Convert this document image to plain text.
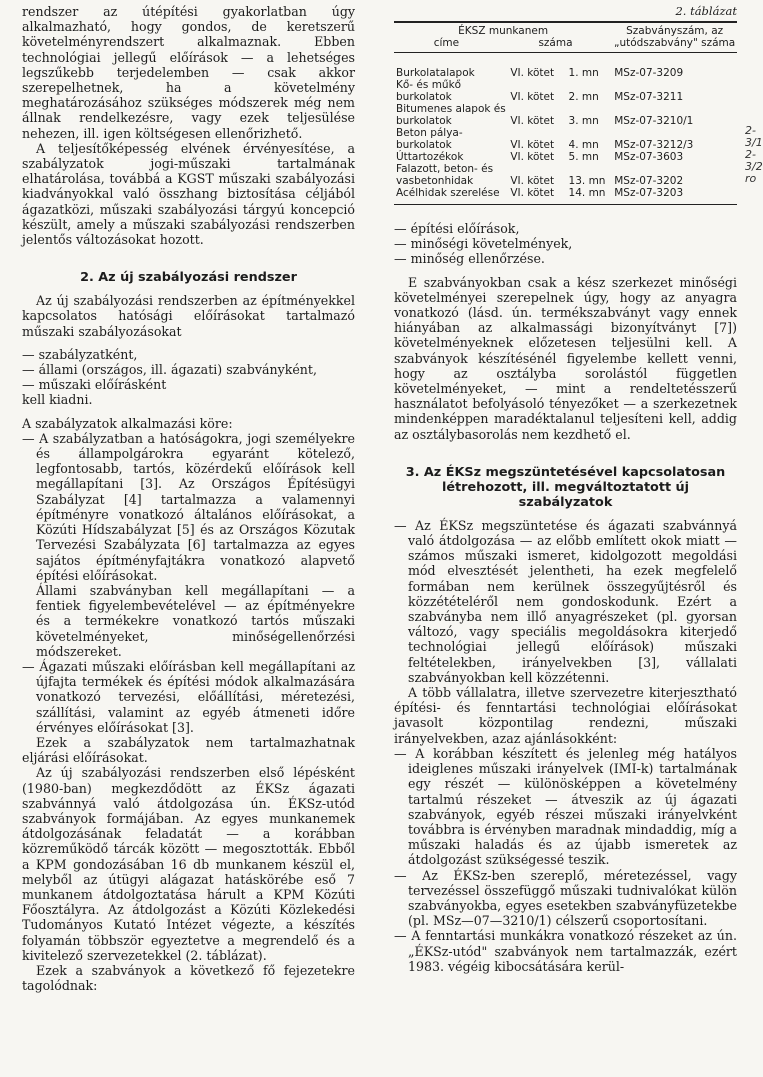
rendszer az útépítési gyakorlatban úgy alkalmazható, hogy gondos, de keretszerű követelményrendszert alkalmaznak. Ebben technológiai jellegű előírások — a lehetséges legszűkebb terjedelemben — csak akkor szerepelhetnek, ha a követelmény meghatározásához szükséges módszerek még nem állnak rendelkezésre, vagy ezek teljesülése nehezen, ill. igen költségesen ellenőrizhető.

A teljesítőképesség elvének érvényesítése, a szabályzatok jogi-műszaki tartalmának elhatárolása, továbbá a KGST műszaki szabályozási kiadványokkal való összhang biztosítása céljából ágazatközi, műszaki szabályozási tárgyú koncepció készült, amely a műszaki szabályozási rendszerben jelentős változásokat hozott.

2. Az új szabályozási rendszer

Az új szabályozási rendszerben az építményekkel kapcsolatos hatósági előírásokat tartalmazó műszaki szabályozásokat

— szabályzatként,
— állami (országos, ill. ágazati) szabványként,
— műszaki előírásként

kell kiadni.

A szabályzatok alkalmazási köre:

— A szabályzatban a hatóságokra, jogi személyekre és állampolgárokra egyaránt kötelező, legfontosabb, tartós, közérdekű előírások kell megállapítani [3]. Az Országos Építésügyi Szabályzat [4] tartalmazza a valamennyi építményre vonatkozó általános előírásokat, a Közúti Hídszabályzat [5] és az Országos Közutak Tervezési Szabályzata [6] tartalmazza az egyes sajátos építményfajtákra vonatkozó alapvető építési előírásokat.

Állami szabványban kell megállapítani — a fentiek figyelembevételével — az építményekre és a termékekre vonatkozó tartós műszaki követelményeket, minőségellenőrzési módszereket.

— Ágazati műszaki előírásban kell megállapítani az újfajta termékek és építési módok alkalmazására vonatkozó tervezési, előállítási, méretezési, szállítási, valamint az egyéb átmeneti időre érvényes előírásokat [3].

Ezek a szabályzatok nem tartalmazhatnak eljárási előírásokat.

Az új szabályozási rendszerben első lépésként (1980-ban) megkezdődött az ÉKSz ágazati szabvánnyá való átdolgozása ún. ÉKSz-utód szabványok formájában. Az egyes munkanemek átdolgozásának feladatát — a korábban közreműködő tárcák között — megosztották. Ebből a KPM gondozásában 16 db munkanem készül el, melyből az útügyi alágazat hatáskörébe eső 7 munkanem átdolgoztatása hárult a KPM Közúti Főosztályra. Az átdolgozást a Közúti Közlekedési Tudományos Kutató Intézet végezte, a készítés folyamán többször egyeztetve a megrendelő és a kivitelező szervezetekkel (2. táblázat).

Ezek a szabványok a következő fő fejezetekre tagolódnak:

2. táblázat
ÉKSZ munkanem
címe száma			Szabványszám, az „utódszabvány" száma
Burkolatalapok	VI. kötet	1. mn	MSz-07-3209
Kő- és műkő burkolatok	VI. kötet	2. mn	MSz-07-3211
Bitumenes alapok és burkolatok	VI. kötet	3. mn	MSz-07-3210/1
Beton pálya-burkolatok	VI. kötet	4. mn	MSz-07-3212/3
Úttartozékok	VI. kötet	5. mn	MSz-07-3603
Falazott, beton- és vasbetonhidak	VI. kötet	13. mn	MSz-07-3202
Acélhidak szerelése	VI. kötet	14. mn	MSz-07-3203
— építési előírások,
— minőségi követelmények,
— minőség ellenőrzése.

E szabványokban csak a kész szerkezet minőségi követelményei szerepelnek úgy, hogy az anyagra vonatkozó (lásd. ún. termékszabványt vagy ennek hiányában az alkalmassági bizonyítványt [7]) követelményeknek előzetesen teljesülni kell. A szabványok készítésénél figyelembe kellett venni, hogy az osztályba sorolástól független követelményeket, — mint a rendeltetésszerű használatot befolyásoló tényezőket — a szerkezetnek mindenképpen maradéktalanul teljesíteni kell, addig az osztálybasorolás nem kezdhető el.

3. Az ÉKSz megszüntetésével kapcsolatosan létrehozott, ill. megváltoztatott új szabályzatok

— Az ÉKSz megszüntetése és ágazati szabvánnyá való átdolgozása — az előbb említett okok miatt — számos műszaki ismeret, kidolgozott megoldási mód elvesztését jelentheti, ha ezek megfelelő formában nem kerülnek összegyűjtésről és közzétételéről nem gondoskodunk. Ezért a szabványba nem illő anyagrészeket (pl. gyorsan változó, vagy speciális megoldásokra kiterjedő technológiai jellegű előírások) műszaki feltételekben, irányelvekben [3], vállalati szabványokban kell közzétenni.

A több vállalatra, illetve szervezetre kiterjesztható építési- és fenntartási technológiai előírásokat javasolt központilag rendezni, műszaki irányelvekben, azaz ajánlásokként:

— A korábban készített és jelenleg még hatályos ideiglenes műszaki irányelvek (IMI-k) tartalmának egy részét — különösképpen a követelmény tartalmú részeket — átveszik az új ágazati szabványok, egyéb részei műszaki irányelvként továbbra is érvényben maradnak mindaddig, míg a műszaki haladás és az újabb ismeretek az átdolgozást szükségessé teszik.

— Az ÉKSz-ben szereplő, méretezéssel, vagy tervezéssel összefüggő műszaki tudnivalókat külön szabványokba, egyes esetekben szabványfüzetekbe (pl. MSz—07—3210/1) célszerű csoportosítani.

— A fenntartási munkákra vonatkozó részeket az ún. „ÉKSz-utód" szabványok nem tartalmazzák, ezért 1983. végéig kibocsátására kerül-

2-3/1 2-3/2 ro
